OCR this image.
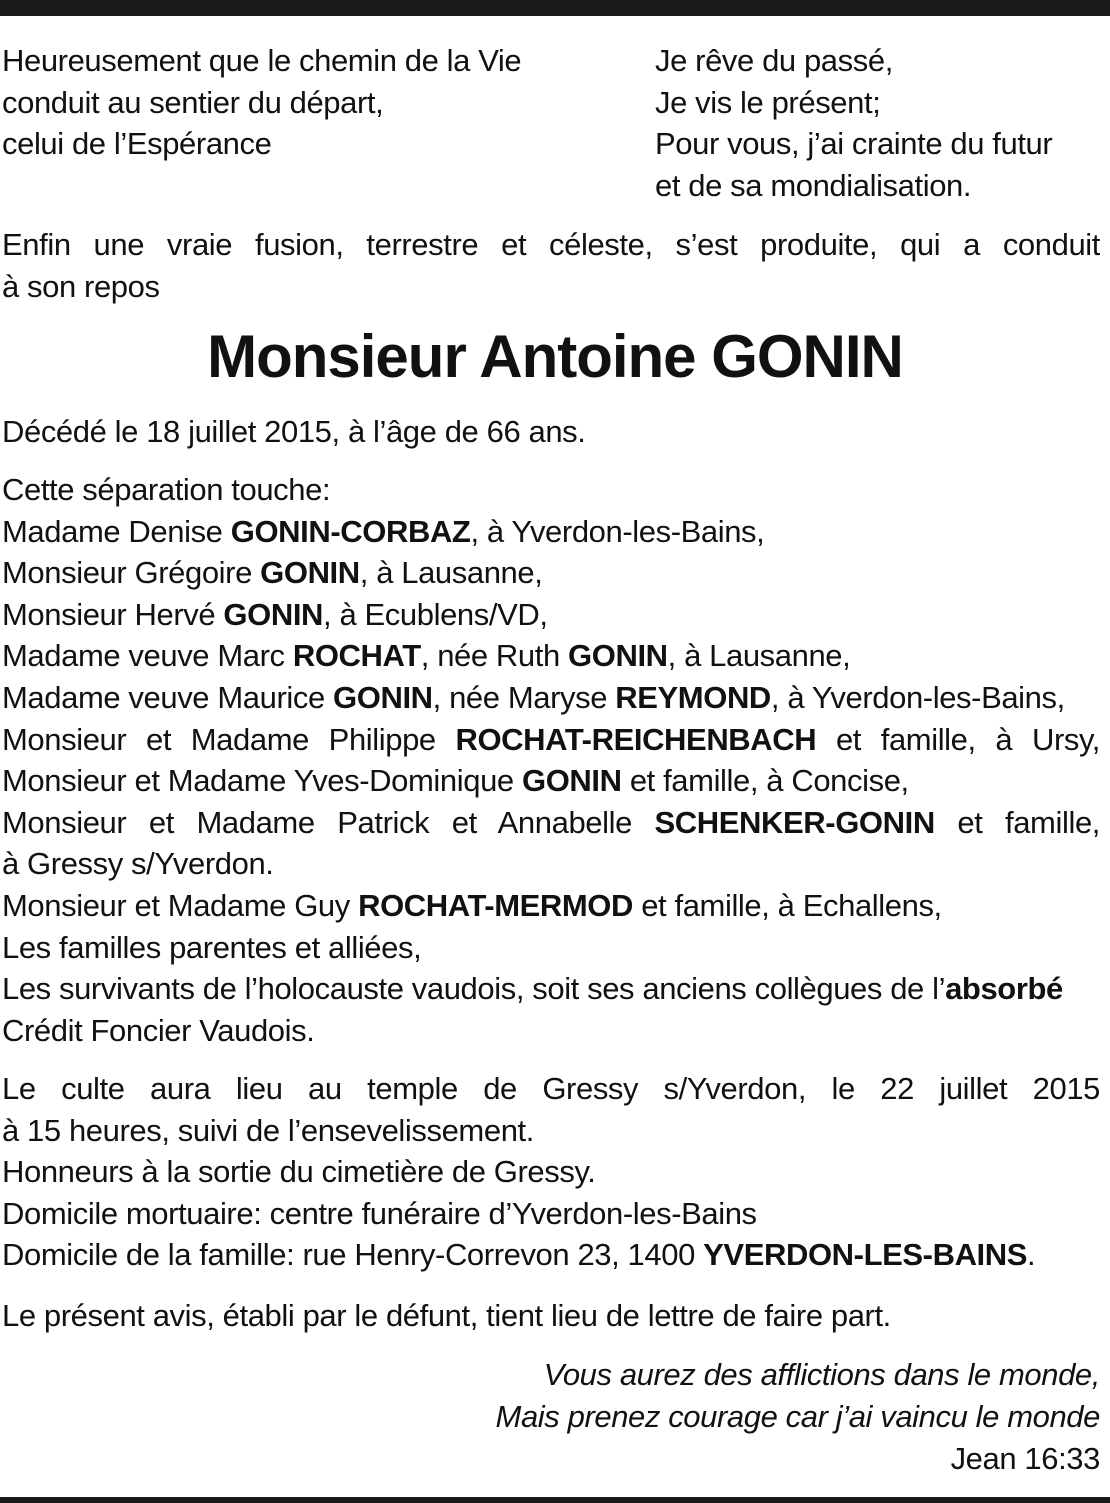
Heureusement que le chemin de la Vie
conduit au sentier du départ,
celui de l’Espérance
Je rêve du passé,
Je vis le présent;
Pour vous, j’ai crainte du futur
et de sa mondialisation.
Enfin une vraie fusion, terrestre et céleste, s’est produite, qui a conduit
à son repos
Monsieur Antoine GONIN
Décédé le 18 juillet 2015, à l’âge de 66 ans.
Cette séparation touche:
Madame Denise GONIN-CORBAZ, à Yverdon-les-Bains,
Monsieur Grégoire GONIN, à Lausanne,
Monsieur Hervé GONIN, à Ecublens/VD,
Madame veuve Marc ROCHAT, née Ruth GONIN, à Lausanne,
Madame veuve Maurice GONIN, née Maryse REYMOND, à Yverdon-les-Bains,
Monsieur et Madame Philippe ROCHAT-REICHENBACH et famille, à Ursy,
Monsieur et Madame Yves-Dominique GONIN et famille, à Concise,
Monsieur et Madame Patrick et Annabelle SCHENKER-GONIN et famille,
à Gressy s/Yverdon.
Monsieur et Madame Guy ROCHAT-MERMOD et famille, à Echallens,
Les familles parentes et alliées,
Les survivants de l’holocauste vaudois, soit ses anciens collègues de l’absorbé
Crédit Foncier Vaudois.
Le culte aura lieu au temple de Gressy s/Yverdon, le 22 juillet 2015
à 15 heures, suivi de l’ensevelissement.
Honneurs à la sortie du cimetière de Gressy.
Domicile mortuaire: centre funéraire d’Yverdon-les-Bains
Domicile de la famille: rue Henry-Correvon 23, 1400 YVERDON-LES-BAINS.
Le présent avis, établi par le défunt, tient lieu de lettre de faire part.
Vous aurez des afflictions dans le monde,
Mais prenez courage car j’ai vaincu le monde
Jean 16:33
